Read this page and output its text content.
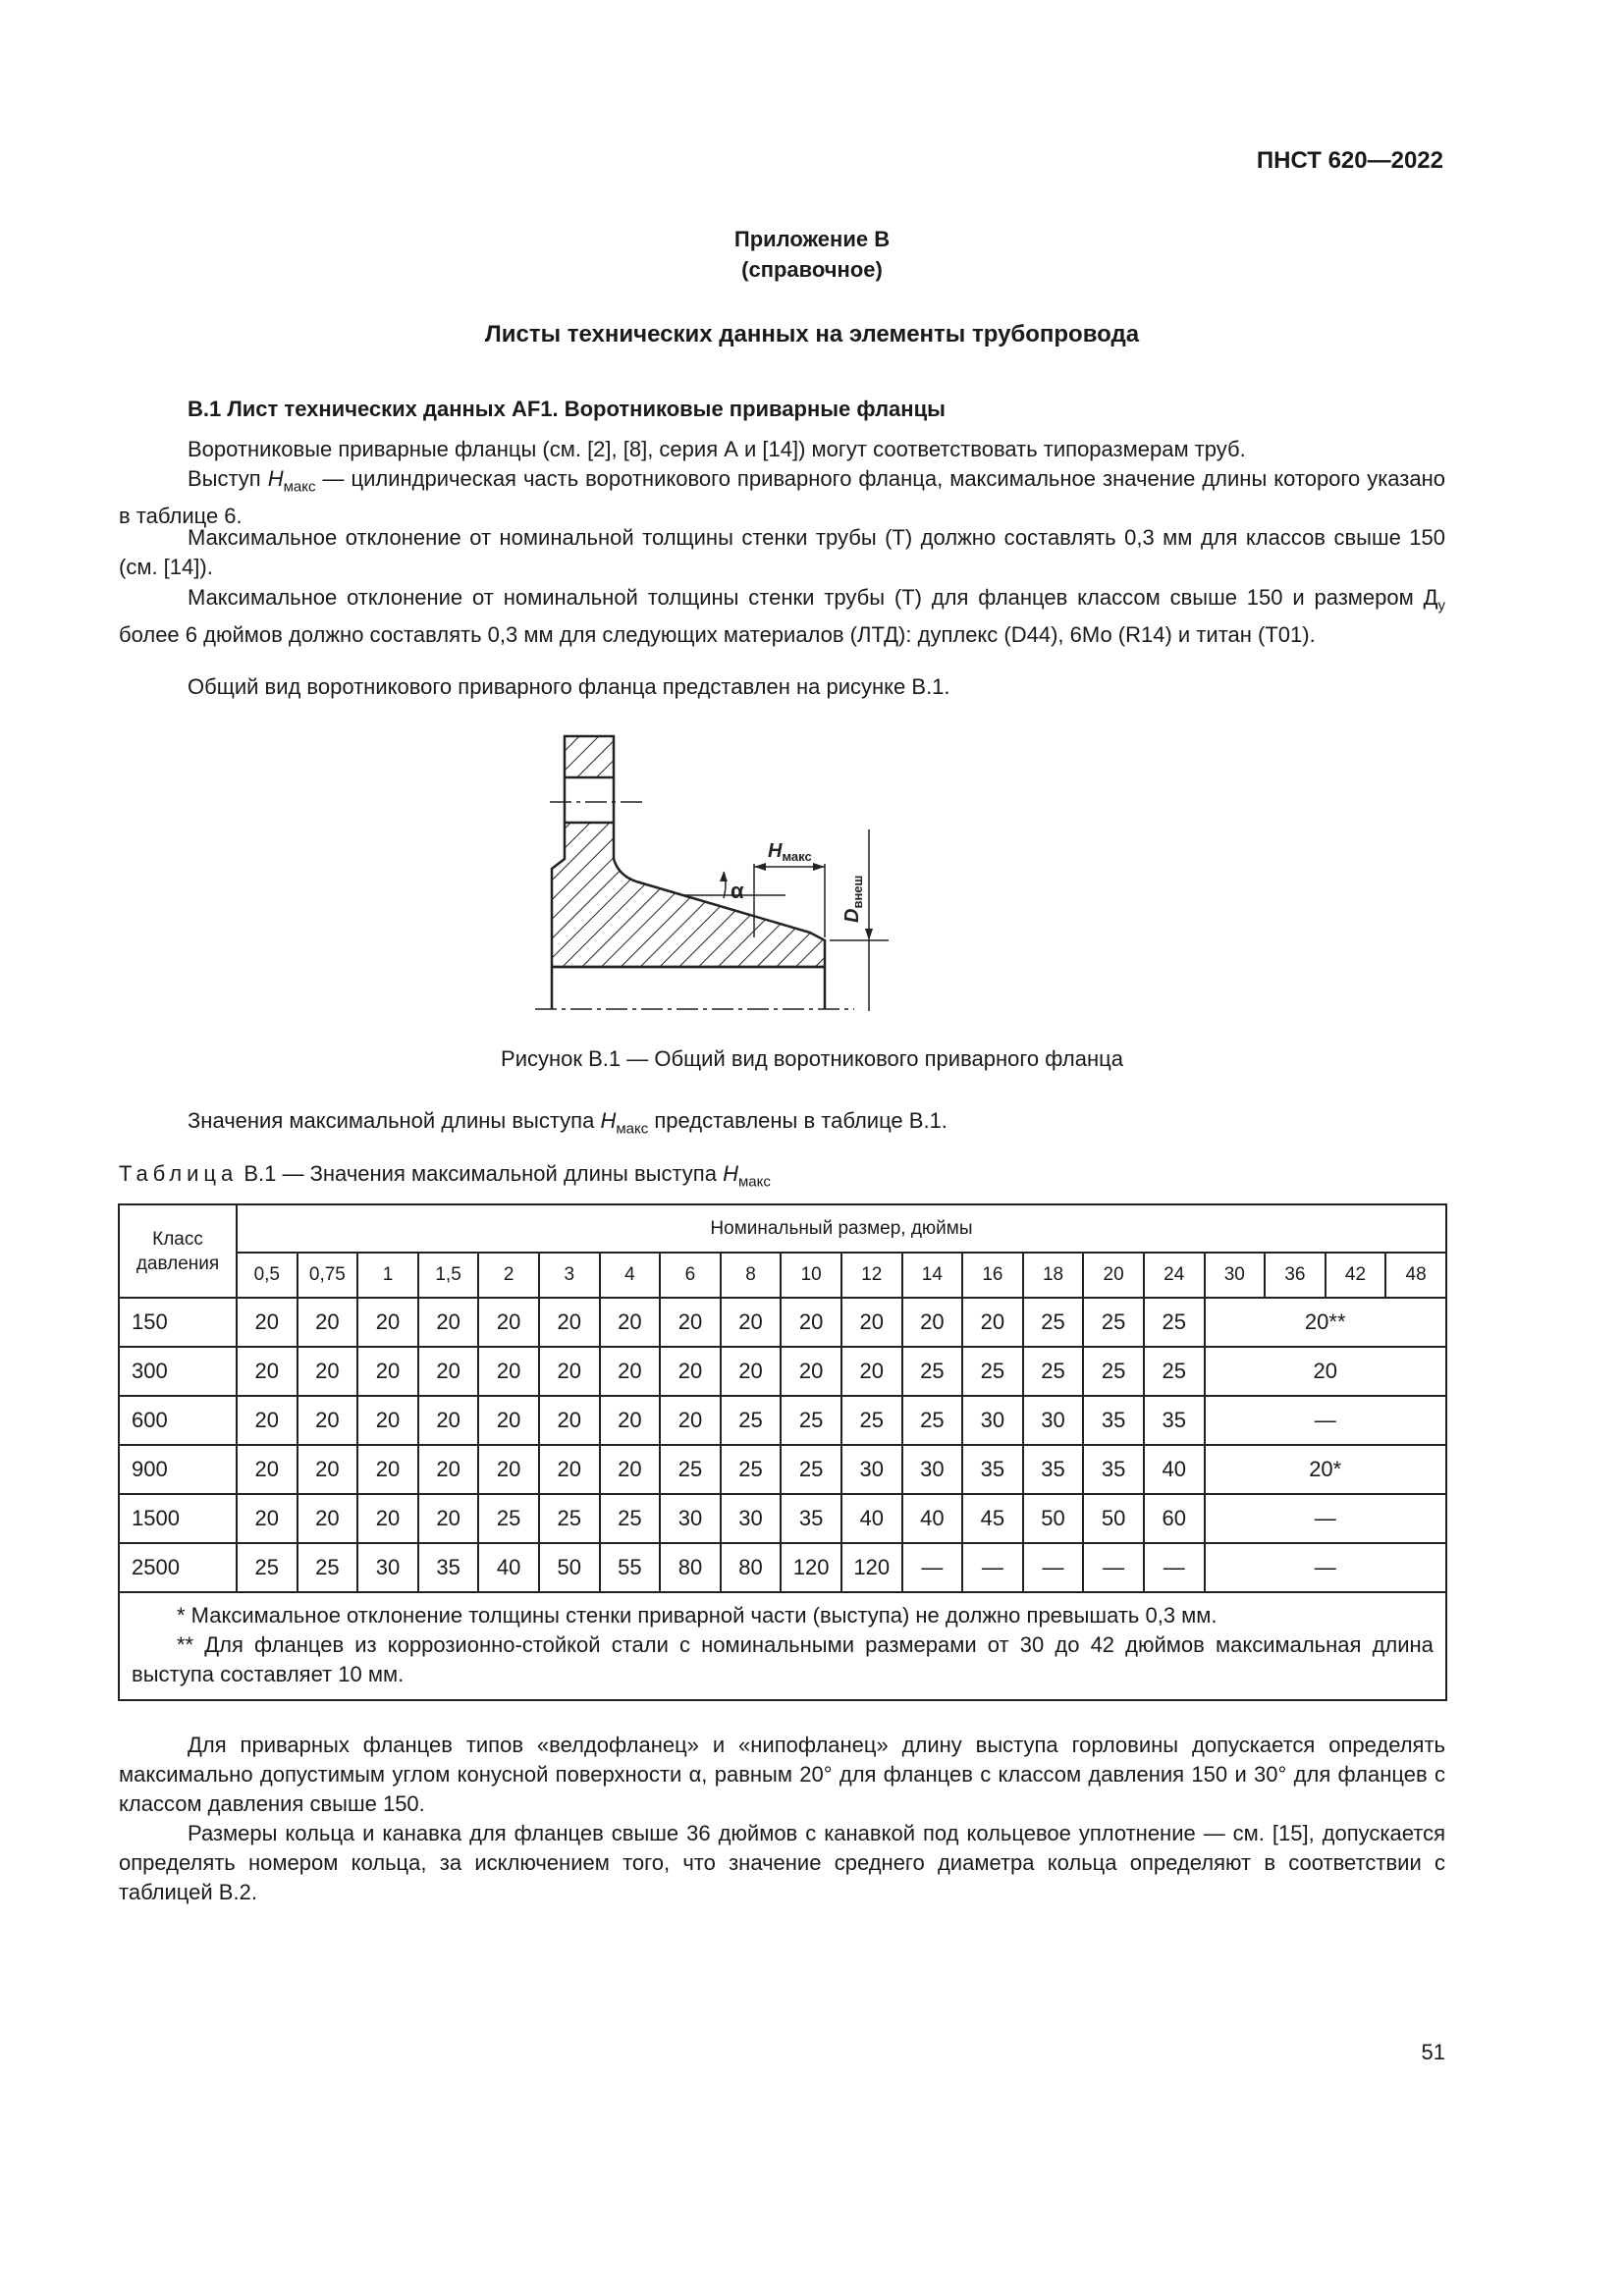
ПНСТ 620—2022
Приложение В
(справочное)
Листы технических данных на элементы трубопровода
В.1 Лист технических данных AF1. Воротниковые приварные фланцы

Воротниковые приварные фланцы (см. [2], [8], серия А и [14]) могут соответствовать типоразмерам труб.

Выступ $H_{макс}$ — цилиндрическая часть воротникового приварного фланца, максимальное значение длины которого указано в таблице 6.

Максимальное отклонение от номинальной толщины стенки трубы (Т) должно составлять 0,3 мм для классов свыше 150 (см. [14]).

Максимальное отклонение от номинальной толщины стенки трубы (Т) для фланцев классом свыше 150 и размером $Д_у$ более 6 дюймов должно составлять 0,3 мм для следующих материалов (ЛТД): дуплекс (D44), 6Мо (R14) и титан (Т01).

Общий вид воротникового приварного фланца представлен на рисунке В.1.

$H_{макс}$
α
$D_{внеш}$
Рисунок В.1 — Общий вид воротникового приварного фланца

Значения максимальной длины выступа $H_{макс}$ представлены в таблице В.1.

Таблица В.1 — Значения максимальной длины выступа $H_{макс}$
Класс
давления	Номинальный размер, дюймы																			
	0,5	0,75	1	1,5	2	3	4	6	8	10	12	14	16	18	20	24	30	36	42	48
150	20	20	20	20	20	20	20	20	20	20	20	20	20	25	25	25	20**			
300	20	20	20	20	20	20	20	20	20	20	20	25	25	25	25	25	20			
600	20	20	20	20	20	20	20	20	25	25	25	25	30	30	35	35	—			
900	20	20	20	20	20	20	20	25	25	25	30	30	35	35	35	40	20*			
1500	20	20	20	20	25	25	25	30	30	35	40	40	45	50	50	60	—			
2500	25	25	30	35	40	50	55	80	80	120	120	—	—	—	—	—	—			

* Максимальное отклонение толщины стенки приварной части (выступа) не должно превышать 0,3 мм.
** Для фланцев из коррозионно-стойкой стали с номинальными размерами от 30 до 42 дюймов максимальная длина выступа составляет 10 мм.																				

Для приварных фланцев типов «велдофланец» и «нипофланец» длину выступа горловины допускается определять максимально допустимым углом конусной поверхности α, равным 20° для фланцев с классом давления 150 и 30° для фланцев с классом давления свыше 150.

Размеры кольца и канавка для фланцев свыше 36 дюймов с канавкой под кольцевое уплотнение — см. [15], допускается определять номером кольца, за исключением того, что значение среднего диаметра кольца определяют в соответствии с таблицей В.2.

51
